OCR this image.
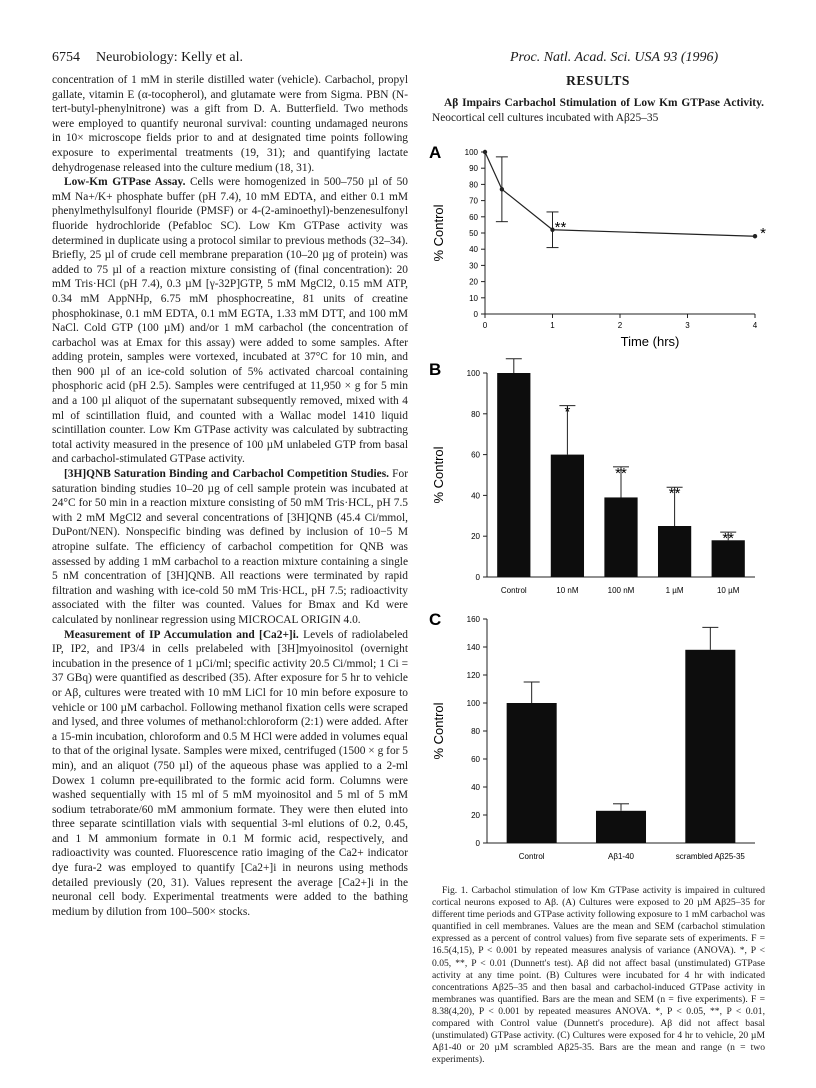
6754 Neurobiology: Kelly et al.	Proc. Natl. Acad. Sci. USA 93 (1996)

concentration of 1 mM in sterile distilled water (vehicle). Carbachol, propyl gallate, vitamin E (α-tocopherol), and glutamate were from Sigma. PBN (N-tert-butyl-phenylnitrone) was a gift from D. A. Butterfield. Two methods were employed to quantify neuronal survival: counting undamaged neurons in 10× microscope fields prior to and at designated time points following exposure to experimental treatments (19, 31); and quantifying lactate dehydrogenase released into the culture medium (18, 31).

Low-Km GTPase Assay. Cells were homogenized in 500–750 µl of 50 mM Na+/K+ phosphate buffer (pH 7.4), 10 mM EDTA, and either 0.1 mM phenylmethylsulfonyl flouride (PMSF) or 4-(2-aminoethyl)-benzenesulfonyl fluoride hydrochloride (Pefabloc SC). Low Km GTPase activity was determined in duplicate using a protocol similar to previous methods (32–34). Briefly, 25 µl of crude cell membrane preparation (10–20 µg of protein) was added to 75 µl of a reaction mixture consisting of (final concentration): 20 mM Tris·HCl (pH 7.4), 0.3 µM [γ-32P]GTP, 5 mM MgCl2, 0.15 mM ATP, 0.34 mM AppNHp, 6.75 mM phosphocreatine, 81 units of creatine phosphokinase, 0.1 mM EDTA, 0.1 mM EGTA, 1.33 mM DTT, and 100 mM NaCl. Cold GTP (100 µM) and/or 1 mM carbachol (the concentration of carbachol was at Emax for this assay) were added to some samples. After adding protein, samples were vortexed, incubated at 37°C for 10 min, and then 900 µl of an ice-cold solution of 5% activated charcoal containing phosphoric acid (pH 2.5). Samples were centrifuged at 11,950 × g for 5 min and a 100 µl aliquot of the supernatant subsequently removed, mixed with 4 ml of scintillation fluid, and counted with a Wallac model 1410 liquid scintillation counter. Low Km GTPase activity was calculated by subtracting total activity measured in the presence of 100 µM unlabeled GTP from basal and carbachol-stimulated GTPase activity.

[3H]QNB Saturation Binding and Carbachol Competition Studies. For saturation binding studies 10–20 µg of cell sample protein was incubated at 24°C for 50 min in a reaction mixture consisting of 50 mM Tris·HCL, pH 7.5 with 2 mM MgCl2 and several concentrations of [3H]QNB (45.4 Ci/mmol, DuPont/NEN). Nonspecific binding was defined by inclusion of 10−5 M atropine sulfate. The efficiency of carbachol competition for QNB was assessed by adding 1 mM carbachol to a reaction mixture containing a single 5 nM concentration of [3H]QNB. All reactions were terminated by rapid filtration and washing with ice-cold 50 mM Tris·HCL, pH 7.5; radioactivity associated with the filter was counted. Values for Bmax and Kd were calculated by nonlinear regression using MICROCAL ORIGIN 4.0.

Measurement of IP Accumulation and [Ca2+]i. Levels of radiolabeled IP, IP2, and IP3/4 in cells prelabeled with [3H]myoinositol (overnight incubation in the presence of 1 µCi/ml; specific activity 20.5 Ci/mmol; 1 Ci = 37 GBq) were quantified as described (35). After exposure for 5 hr to vehicle or Aβ, cultures were treated with 10 mM LiCl for 10 min before exposure to vehicle or 100 µM carbachol. Following methanol fixation cells were scraped and lysed, and three volumes of methanol:chloroform (2:1) were added. After a 15-min incubation, chloroform and 0.5 M HCl were added in volumes equal to that of the original lysate. Samples were mixed, centrifuged (1500 × g for 5 min), and an aliquot (750 µl) of the aqueous phase was applied to a 2-ml Dowex 1 column pre-equilibrated to the formic acid form. Columns were washed sequentially with 15 ml of 5 mM myoinositol and 5 ml of 5 mM sodium tetraborate/60 mM ammonium formate. They were then eluted into three separate scintillation vials with sequential 3-ml elutions of 0.2, 0.45, and 1 M ammonium formate in 0.1 M formic acid, respectively, and radioactivity was counted. Fluorescence ratio imaging of the Ca2+ indicator dye fura-2 was employed to quantify [Ca2+]i in neurons using methods detailed previously (20, 31). Values represent the average [Ca2+]i in the neuronal cell body. Experimental treatments were added to the bathing medium by dilution from 100–500× stocks.

RESULTS
Aβ Impairs Carbachol Stimulation of Low Km GTPase Activity. Neocortical cell cultures incubated with Aβ25–35
A
0
10
20
30
40
50
60
70
80
90
100
0	1	2	3	4
Time (hrs)
% Control	**	*
B
0
20
40
60
80
100
% Control
Control
*
10 nM
**
100 nM
**
1 µM
**
10 µM
C
0
20
40
60
80
100
120
140
160
% Control
Control	Aβ1-40	scrambled Aβ25-35
Fig. 1. Carbachol stimulation of low Km GTPase activity is impaired in cultured cortical neurons exposed to Aβ. (A) Cultures were exposed to 20 µM Aβ25–35 for different time periods and GTPase activity following exposure to 1 mM carbachol was quantified in cell membranes. Values are the mean and SEM (carbachol stimulation expressed as a percent of control values) from five separate sets of experiments. F = 16.5(4,15), P < 0.001 by repeated measures analysis of variance (ANOVA). *, P < 0.05, **, P < 0.01 (Dunnett's test). Aβ did not affect basal (unstimulated) GTPase activity at any time point. (B) Cultures were incubated for 4 hr with indicated concentrations Aβ25–35 and then basal and carbachol-induced GTPase activity in membranes was quantified. Bars are the mean and SEM (n = five experiments). F = 8.38(4,20), P < 0.001 by repeated measures ANOVA. *, P < 0.05, **, P < 0.01, compared with Control value (Dunnett's procedure). Aβ did not affect basal (unstimulated) GTPase activity. (C) Cultures were exposed for 4 hr to vehicle, 20 µM Aβ1-40 or 20 µM scrambled Aβ25-35. Bars are the mean and range (n = two experiments).
